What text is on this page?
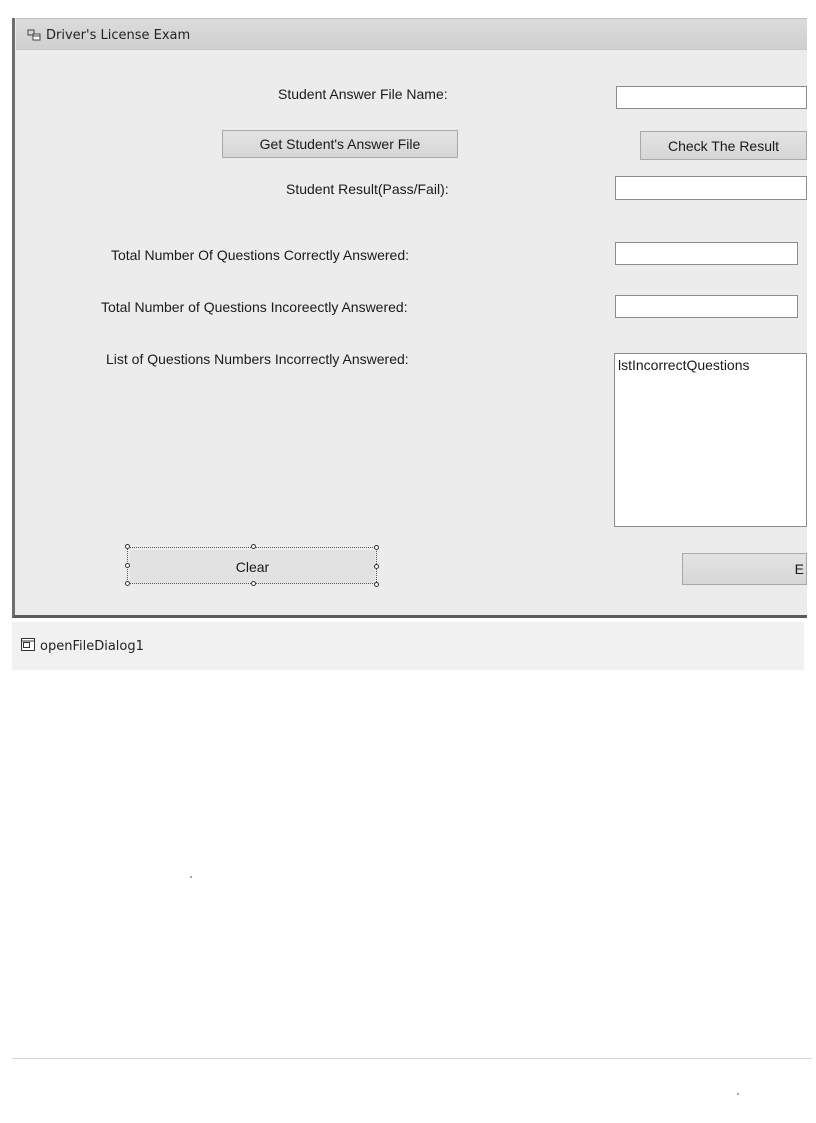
Driver's License Exam
Student Answer File Name:
Get Student's Answer File	Check The Result
Student Result(Pass/Fail):
Total Number Of Questions Correctly Answered:
Total Number of Questions Incoreectly Answered:
List of Questions Numbers Incorrectly Answered:	lstIncorrectQuestions
Clear	E
openFileDialog1
